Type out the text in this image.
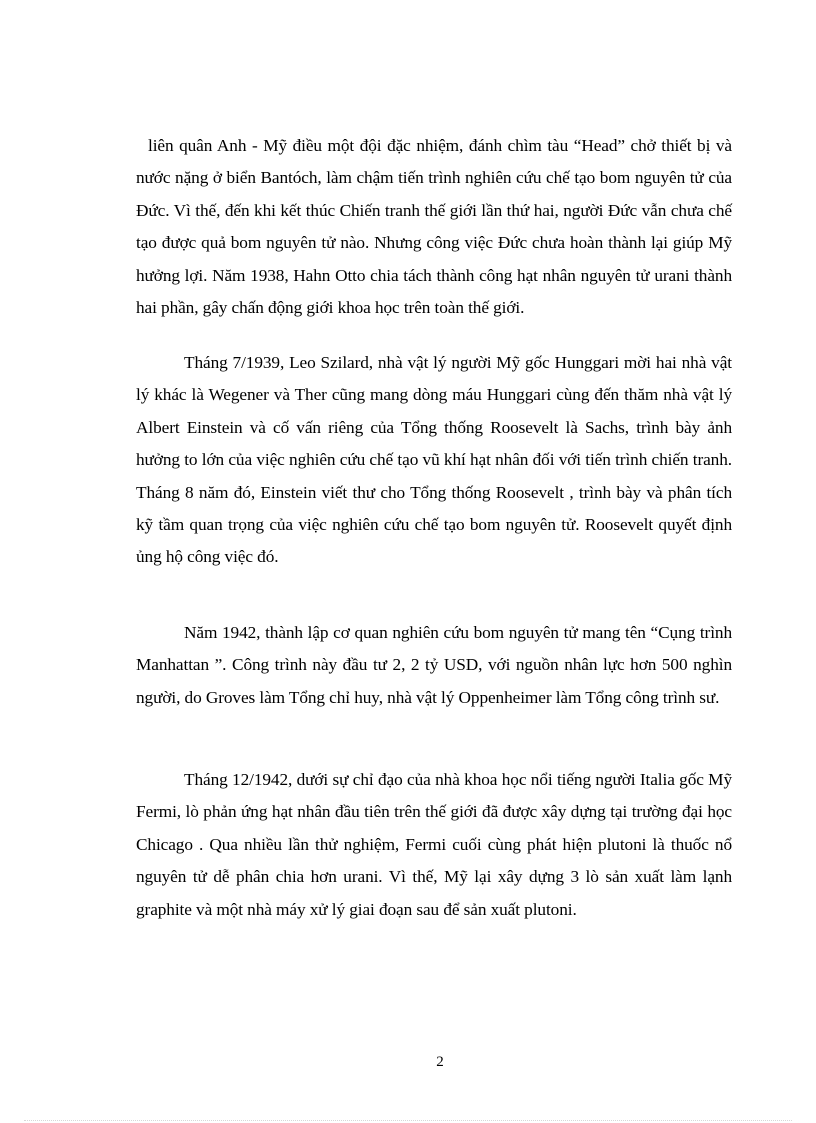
liên quân Anh - Mỹ điều một đội đặc nhiệm, đánh chìm tàu “Head” chở thiết bị và nước nặng ở biển Bantóch, làm chậm tiến trình nghiên cứu chế tạo bom nguyên tử của Đức. Vì thế, đến khi kết thúc Chiến tranh thế giới lần thứ hai, người Đức vẫn chưa chế tạo được quả bom nguyên tử nào. Nhưng công việc Đức chưa hoàn thành lại giúp Mỹ hưởng lợi. Năm 1938, Hahn Otto chia tách thành công hạt nhân nguyên tử urani thành hai phần, gây chấn động giới khoa học trên toàn thế giới.

Tháng 7/1939, Leo Szilard, nhà vật lý người Mỹ gốc Hunggari mời hai nhà vật lý khác là Wegener và Ther cũng mang dòng máu Hunggari cùng đến thăm nhà vật lý Albert Einstein và cố vấn riêng của Tổng thống Roosevelt là Sachs, trình bày ảnh hưởng to lớn của việc nghiên cứu chế tạo vũ khí hạt nhân đối với tiến trình chiến tranh. Tháng 8 năm đó, Einstein viết thư cho Tổng thống Roosevelt , trình bày và phân tích kỹ tầm quan trọng của việc nghiên cứu chế tạo bom nguyên tử. Roosevelt quyết định ủng hộ công việc đó.

Năm 1942, thành lập cơ quan nghiên cứu bom nguyên tử mang tên “Cụng trình Manhattan ”. Công trình này đầu tư 2, 2 tỷ USD, với nguồn nhân lực hơn 500 nghìn người, do Groves làm Tổng chỉ huy, nhà vật lý Oppenheimer làm Tổng công trình sư.

Tháng 12/1942, dưới sự chỉ đạo của nhà khoa học nổi tiếng người Italia gốc Mỹ Fermi, lò phản ứng hạt nhân đầu tiên trên thế giới đã được xây dựng tại trường đại học Chicago . Qua nhiều lần thử nghiệm, Fermi cuối cùng phát hiện plutoni là thuốc nổ nguyên tử dễ phân chia hơn urani. Vì thế, Mỹ lại xây dựng 3 lò sản xuất làm lạnh graphite và một nhà máy xử lý giai đoạn sau để sản xuất plutoni.

2
